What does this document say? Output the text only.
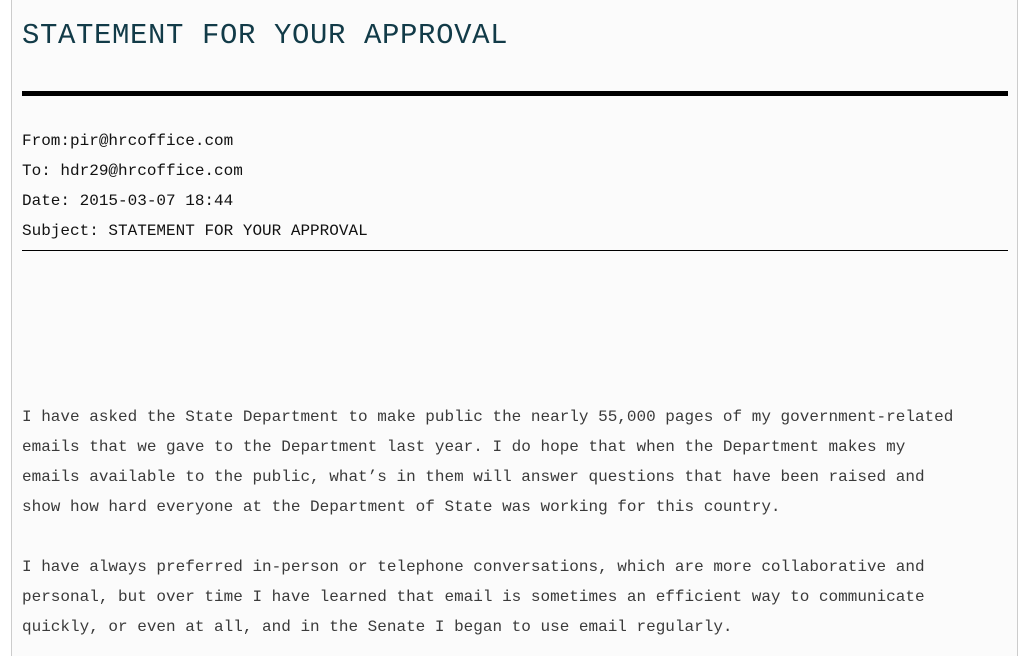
STATEMENT FOR YOUR APPROVAL
From:pir@hrcoffice.com
To: hdr29@hrcoffice.com
Date: 2015-03-07 18:44
Subject: STATEMENT FOR YOUR APPROVAL

I have asked the State Department to make public the nearly 55,000 pages of my government-related
emails that we gave to the Department last year. I do hope that when the Department makes my
emails available to the public, what’s in them will answer questions that have been raised and
show how hard everyone at the Department of State was working for this country.

I have always preferred in-person or telephone conversations, which are more collaborative and
personal, but over time I have learned that email is sometimes an efficient way to communicate
quickly, or even at all, and in the Senate I began to use email regularly.
